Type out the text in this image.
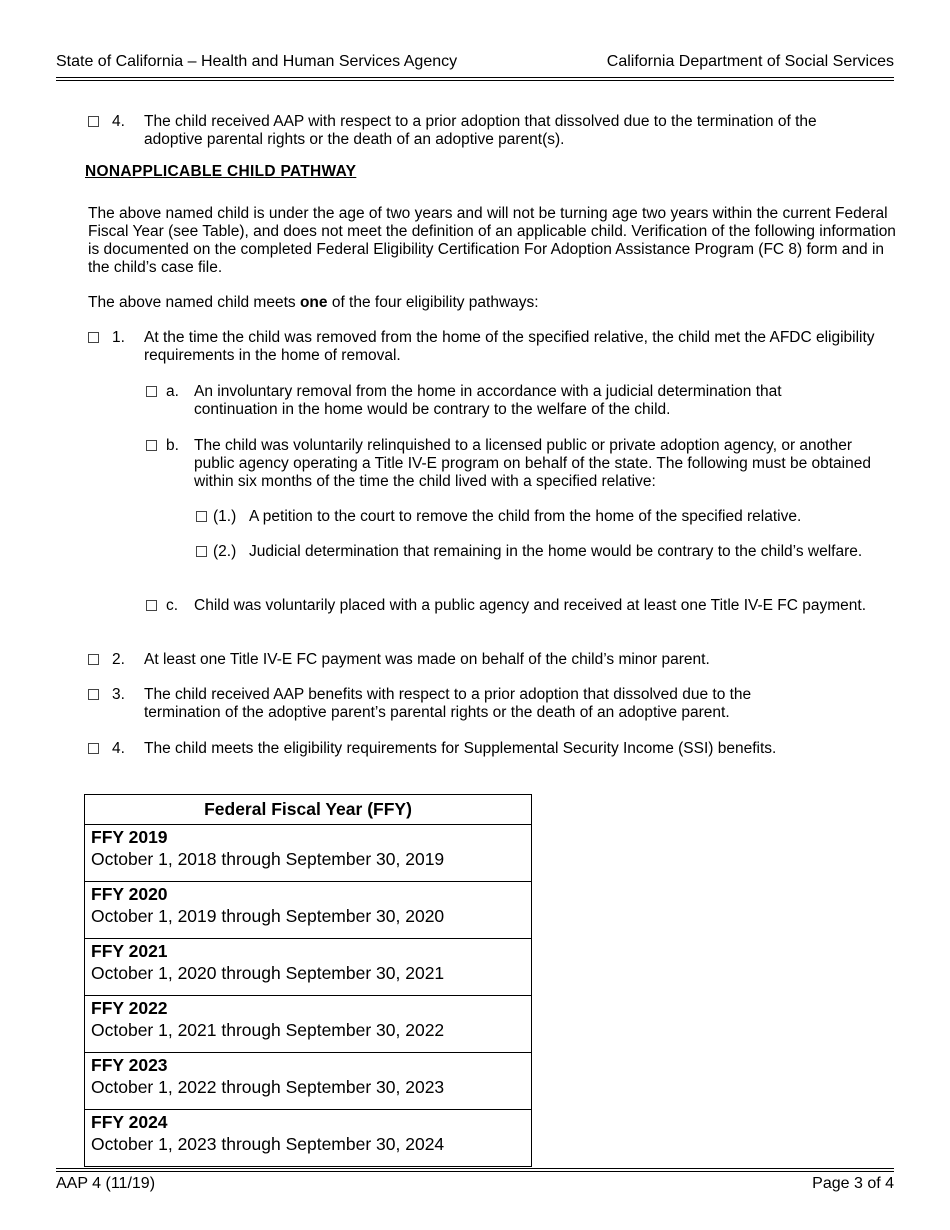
State of California – Health and Human Services Agency	California Department of Social Services
4. The child received AAP with respect to a prior adoption that dissolved due to the termination of the adoptive parental rights or the death of an adoptive parent(s).
NONAPPLICABLE CHILD PATHWAY
The above named child is under the age of two years and will not be turning age two years within the current Federal Fiscal Year (see Table), and does not meet the definition of an applicable child. Verification of the following information is documented on the completed Federal Eligibility Certification For Adoption Assistance Program (FC 8) form and in the child’s case file.
The above named child meets one of the four eligibility pathways:
1. At the time the child was removed from the home of the specified relative, the child met the AFDC eligibility requirements in the home of removal.
a. An involuntary removal from the home in accordance with a judicial determination that continuation in the home would be contrary to the welfare of the child.
b. The child was voluntarily relinquished to a licensed public or private adoption agency, or another public agency operating a Title IV-E program on behalf of the state. The following must be obtained within six months of the time the child lived with a specified relative:
(1.) A petition to the court to remove the child from the home of the specified relative.
(2.) Judicial determination that remaining in the home would be contrary to the child’s welfare.
c. Child was voluntarily placed with a public agency and received at least one Title IV-E FC payment.
2. At least one Title IV-E FC payment was made on behalf of the child’s minor parent.
3. The child received AAP benefits with respect to a prior adoption that dissolved due to the termination of the adoptive parent’s parental rights or the death of an adoptive parent.
4. The child meets the eligibility requirements for Supplemental Security Income (SSI) benefits.
Federal Fiscal Year (FFY)

FFY 2019
October 1, 2018 through September 30, 2019

FFY 2020
October 1, 2019 through September 30, 2020

FFY 2021
October 1, 2020 through September 30, 2021

FFY 2022
October 1, 2021 through September 30, 2022

FFY 2023
October 1, 2022 through September 30, 2023

FFY 2024
October 1, 2023 through September 30, 2024
AAP 4 (11/19)	Page 3 of 4
